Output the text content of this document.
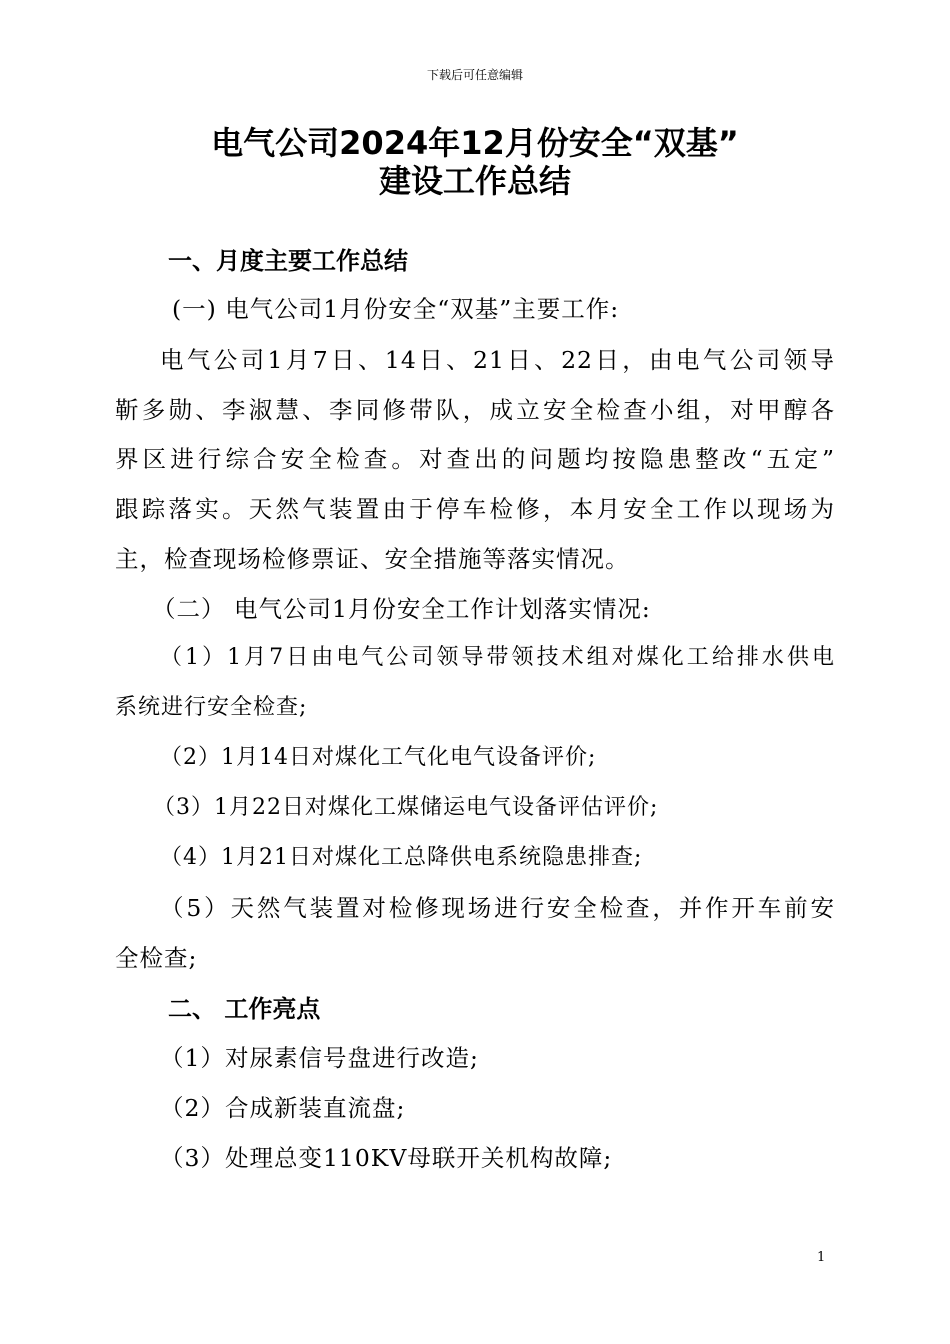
下载后可任意编辑
电气公司2024年12月份安全“双基”
建设工作总结
一、月度主要工作总结
(一) 电气公司1月份安全“双基”主要工作:
电气公司1月7日、14日、21日、22日，由电气公司领导
靳多勋、李淑慧、李同修带队，成立安全检查小组，对甲醇各
界区进行综合安全检查。对查出的问题均按隐患整改“五定”
跟踪落实。天然气装置由于停车检修，本月安全工作以现场为
主，检查现场检修票证、安全措施等落实情况。
（二） 电气公司1月份安全工作计划落实情况:
（1）1月7日由电气公司领导带领技术组对煤化工给排水供电
系统进行安全检查;
（2）1月14日对煤化工气化电气设备评价;
（3）1月22日对煤化工煤储运电气设备评估评价;
（4）1月21日对煤化工总降供电系统隐患排查;
（5）天然气装置对检修现场进行安全检查，并作开车前安
全检查;
二、 工作亮点
（1）对尿素信号盘进行改造;
（2）合成新装直流盘;
（3）处理总变110KV母联开关机构故障;
1
